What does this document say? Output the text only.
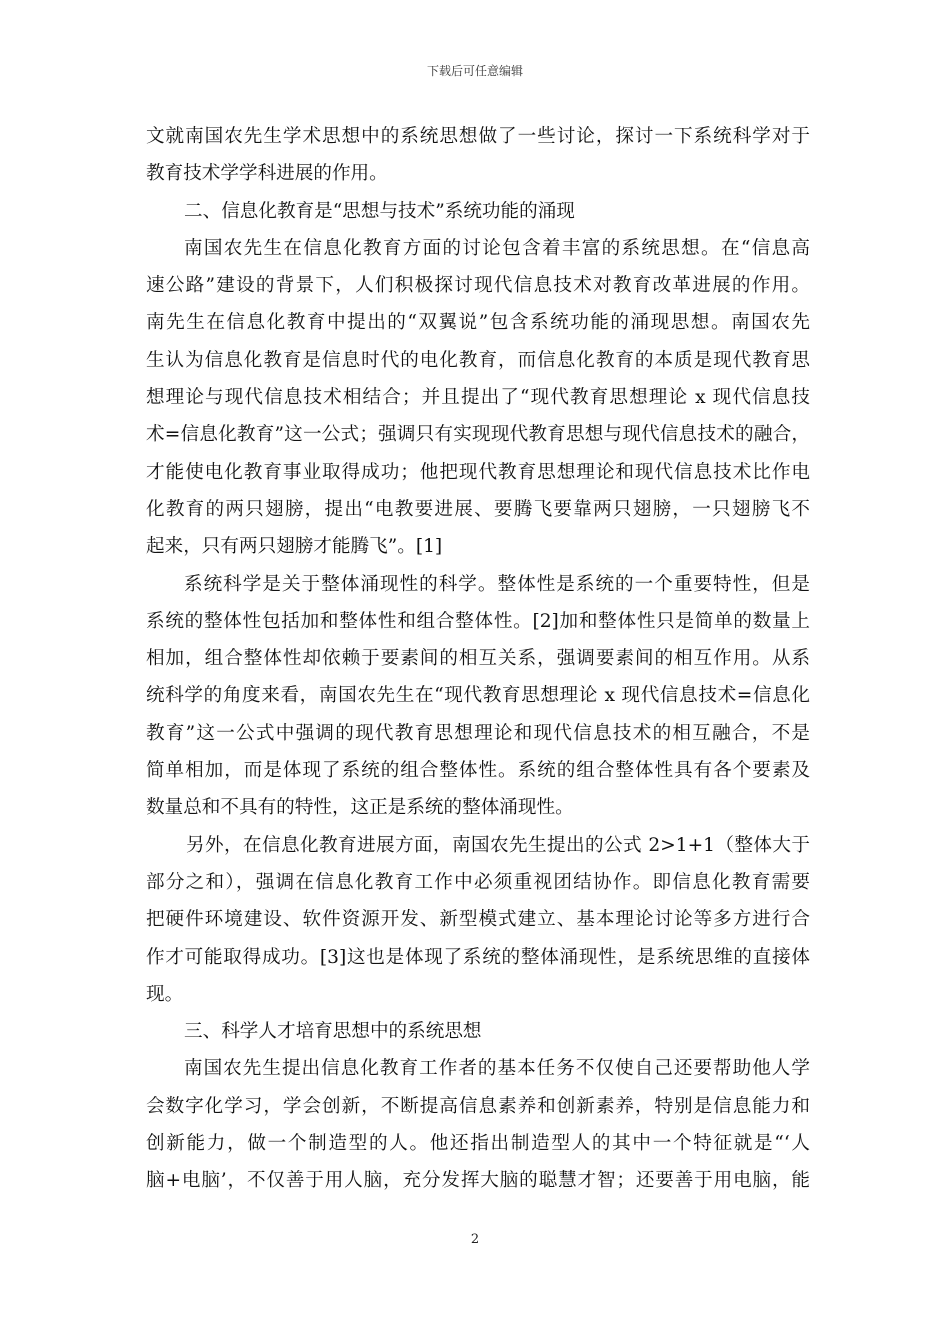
下载后可任意编辑
文就南国农先生学术思想中的系统思想做了一些讨论，探讨一下系统科学对于
教育技术学学科进展的作用。
二、信息化教育是“思想与技术”系统功能的涌现
南国农先生在信息化教育方面的讨论包含着丰富的系统思想。在“信息高
速公路”建设的背景下，人们积极探讨现代信息技术对教育改革进展的作用。
南先生在信息化教育中提出的“双翼说”包含系统功能的涌现思想。南国农先
生认为信息化教育是信息时代的电化教育，而信息化教育的本质是现代教育思
想理论与现代信息技术相结合；并且提出了“现代教育思想理论 x 现代信息技
术=信息化教育”这一公式；强调只有实现现代教育思想与现代信息技术的融合，
才能使电化教育事业取得成功；他把现代教育思想理论和现代信息技术比作电
化教育的两只翅膀，提出“电教要进展、要腾飞要靠两只翅膀，一只翅膀飞不
起来，只有两只翅膀才能腾飞”。[1]
系统科学是关于整体涌现性的科学。整体性是系统的一个重要特性，但是
系统的整体性包括加和整体性和组合整体性。[2]加和整体性只是简单的数量上
相加，组合整体性却依赖于要素间的相互关系，强调要素间的相互作用。从系
统科学的角度来看，南国农先生在“现代教育思想理论 x 现代信息技术=信息化
教育”这一公式中强调的现代教育思想理论和现代信息技术的相互融合，不是
简单相加，而是体现了系统的组合整体性。系统的组合整体性具有各个要素及
数量总和不具有的特性，这正是系统的整体涌现性。
另外，在信息化教育进展方面，南国农先生提出的公式 2>1+1（整体大于
部分之和），强调在信息化教育工作中必须重视团结协作。即信息化教育需要
把硬件环境建设、软件资源开发、新型模式建立、基本理论讨论等多方进行合
作才可能取得成功。[3]这也是体现了系统的整体涌现性，是系统思维的直接体
现。
三、科学人才培育思想中的系统思想
南国农先生提出信息化教育工作者的基本任务不仅使自己还要帮助他人学
会数字化学习，学会创新，不断提高信息素养和创新素养，特别是信息能力和
创新能力，做一个制造型的人。他还指出制造型人的其中一个特征就是“‘人
脑+电脑’，不仅善于用人脑，充分发挥大脑的聪慧才智；还要善于用电脑，能
2
